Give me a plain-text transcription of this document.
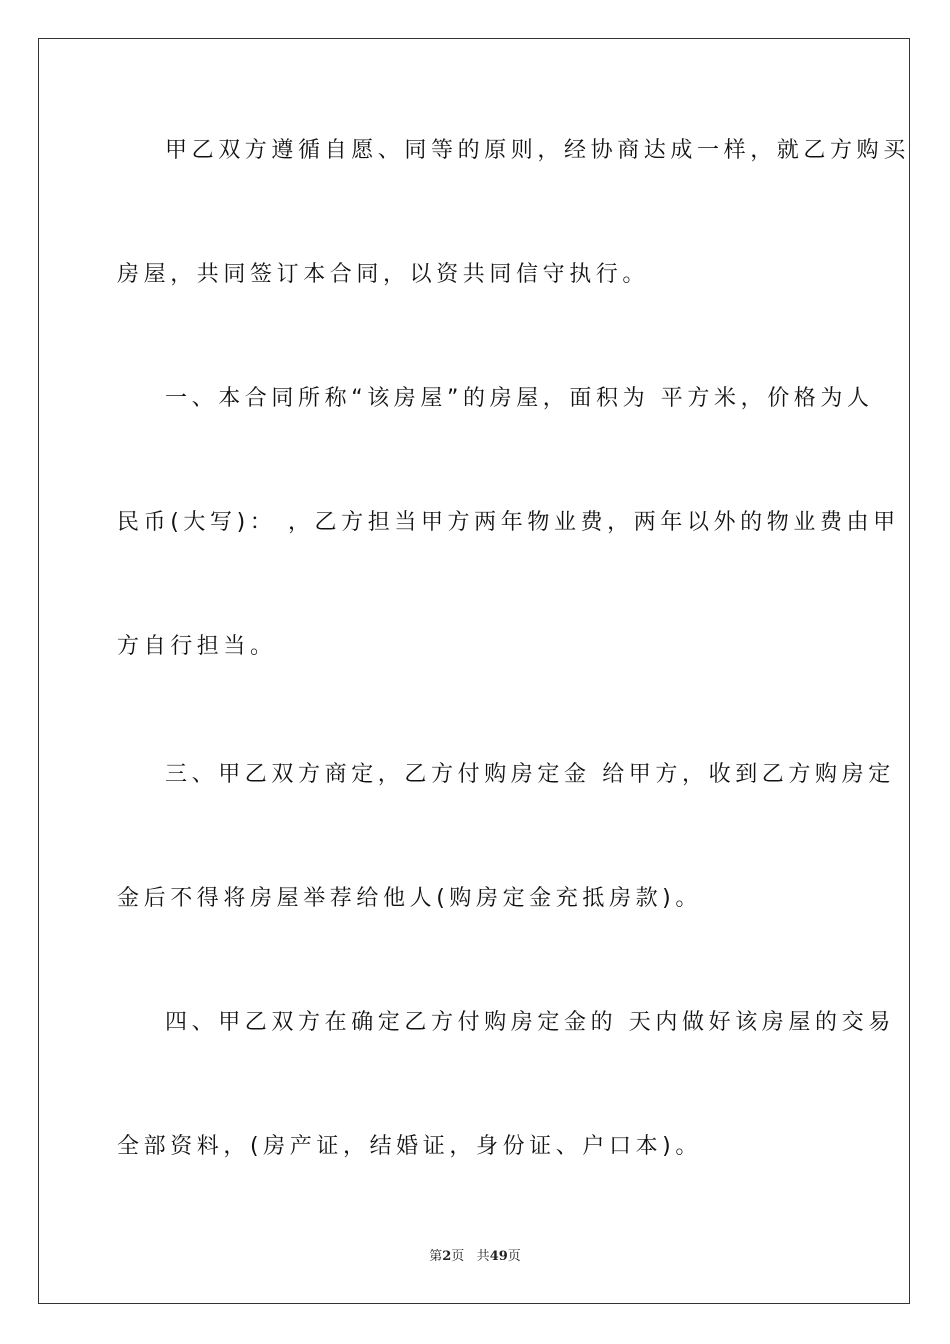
甲乙双方遵循自愿、同等的原则，经协商达成一样，就乙方购买
房屋，共同签订本合同，以资共同信守执行。
一、本合同所称“该房屋”的房屋，面积为 平方米，价格为人
民币(大写)： ，乙方担当甲方两年物业费，两年以外的物业费由甲
方自行担当。
三、甲乙双方商定，乙方付购房定金 给甲方，收到乙方购房定
金后不得将房屋举荐给他人(购房定金充抵房款)。
四、甲乙双方在确定乙方付购房定金的 天内做好该房屋的交易
全部资料，(房产证，结婚证，身份证、户口本)。
第2页 共49页
